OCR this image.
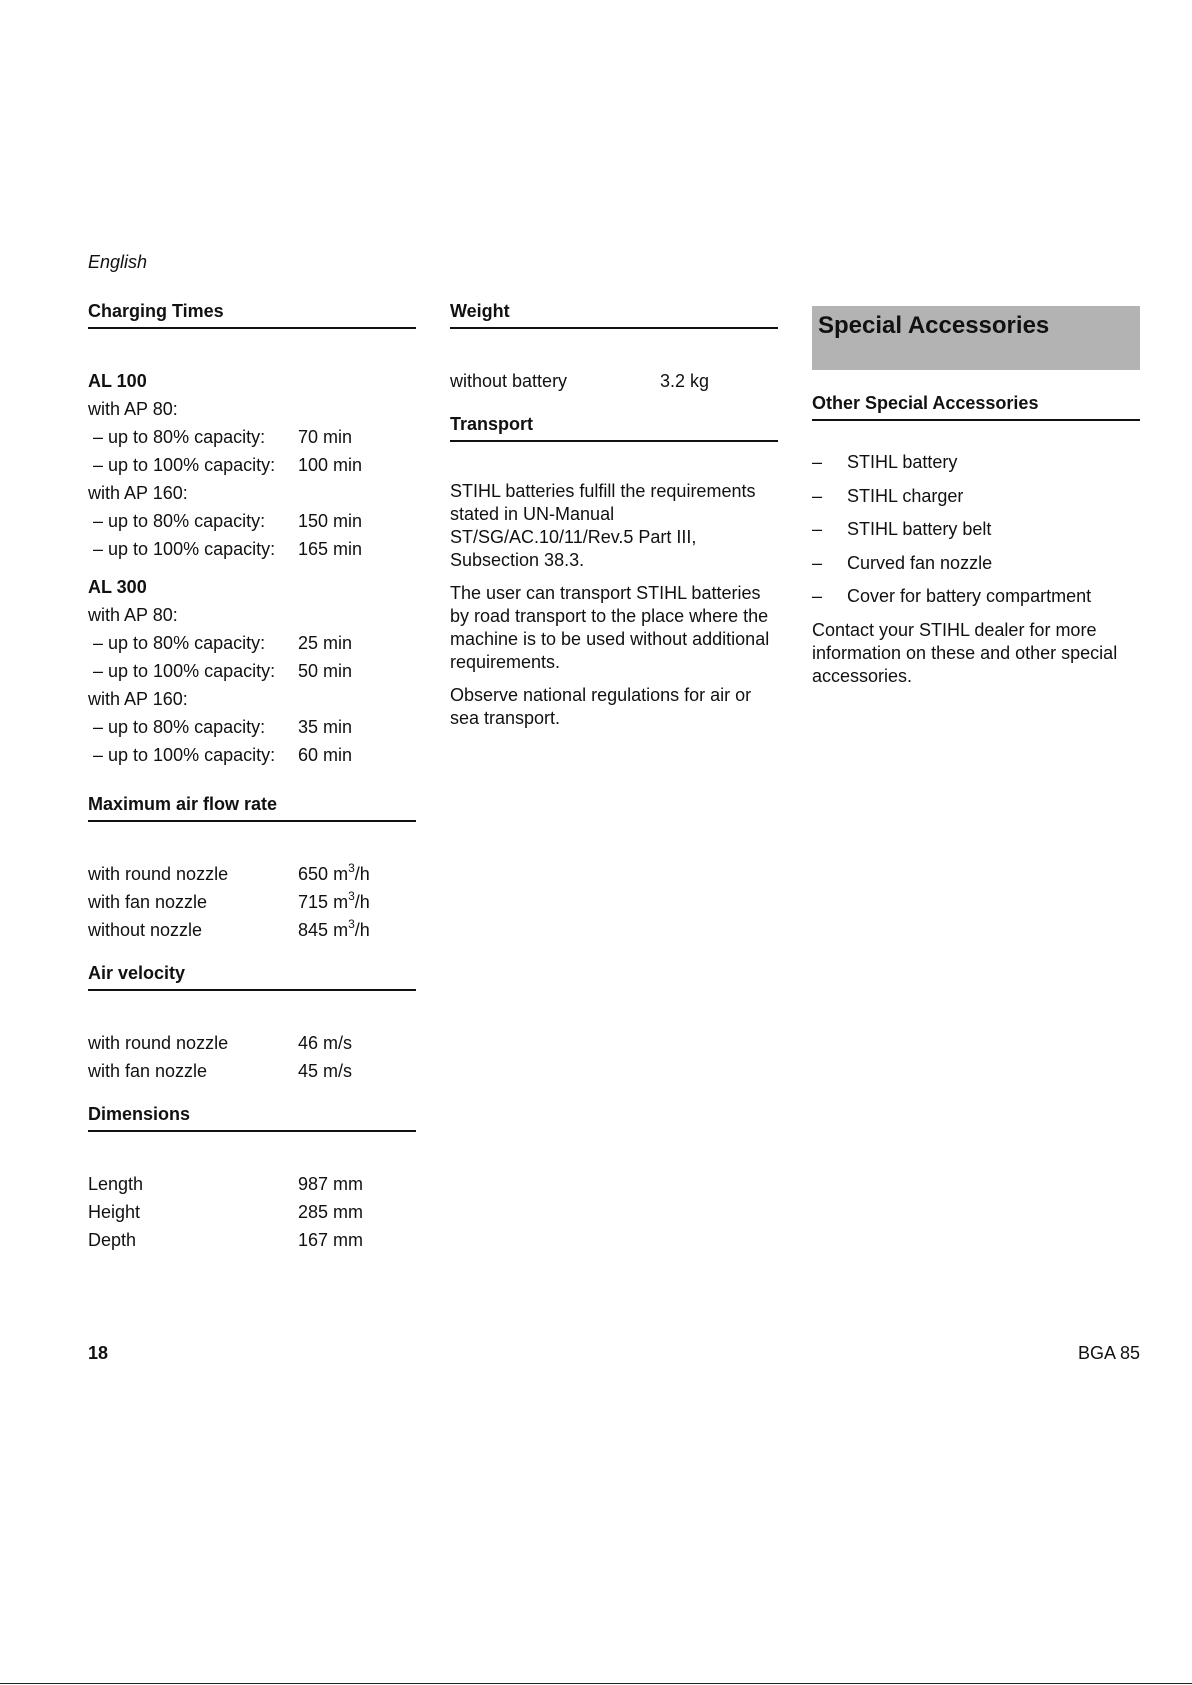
English
Charging Times
AL 100
with AP 80:
– up to 80% capacity: 70 min
– up to 100% capacity: 100 min
with AP 160:
– up to 80% capacity: 150 min
– up to 100% capacity: 165 min
AL 300
with AP 80:
– up to 80% capacity: 25 min
– up to 100% capacity: 50 min
with AP 160:
– up to 80% capacity: 35 min
– up to 100% capacity: 60 min
Maximum air flow rate
with round nozzle	650 $m^3/h$
with fan nozzle	715 $m^3/h$
without nozzle	845 $m^3/h$
Air velocity
with round nozzle	46 m/s
with fan nozzle	45 m/s
Dimensions
Length	987 mm
Height	285 mm
Depth	167 mm
Weight
without battery	3.2 kg
Transport

STIHL batteries fulfill the requirements stated in UN-Manual ST/SG/AC.10/11/Rev.5 Part III, Subsection 38.3.

The user can transport STIHL batteries by road transport to the place where the machine is to be used without additional requirements.

Observe national regulations for air or sea transport.

Special Accessories
Other Special Accessories
– STIHL battery
– STIHL charger
– STIHL battery belt
– Curved fan nozzle
– Cover for battery compartment

Contact your STIHL dealer for more information on these and other special accessories.

18	BGA 85
